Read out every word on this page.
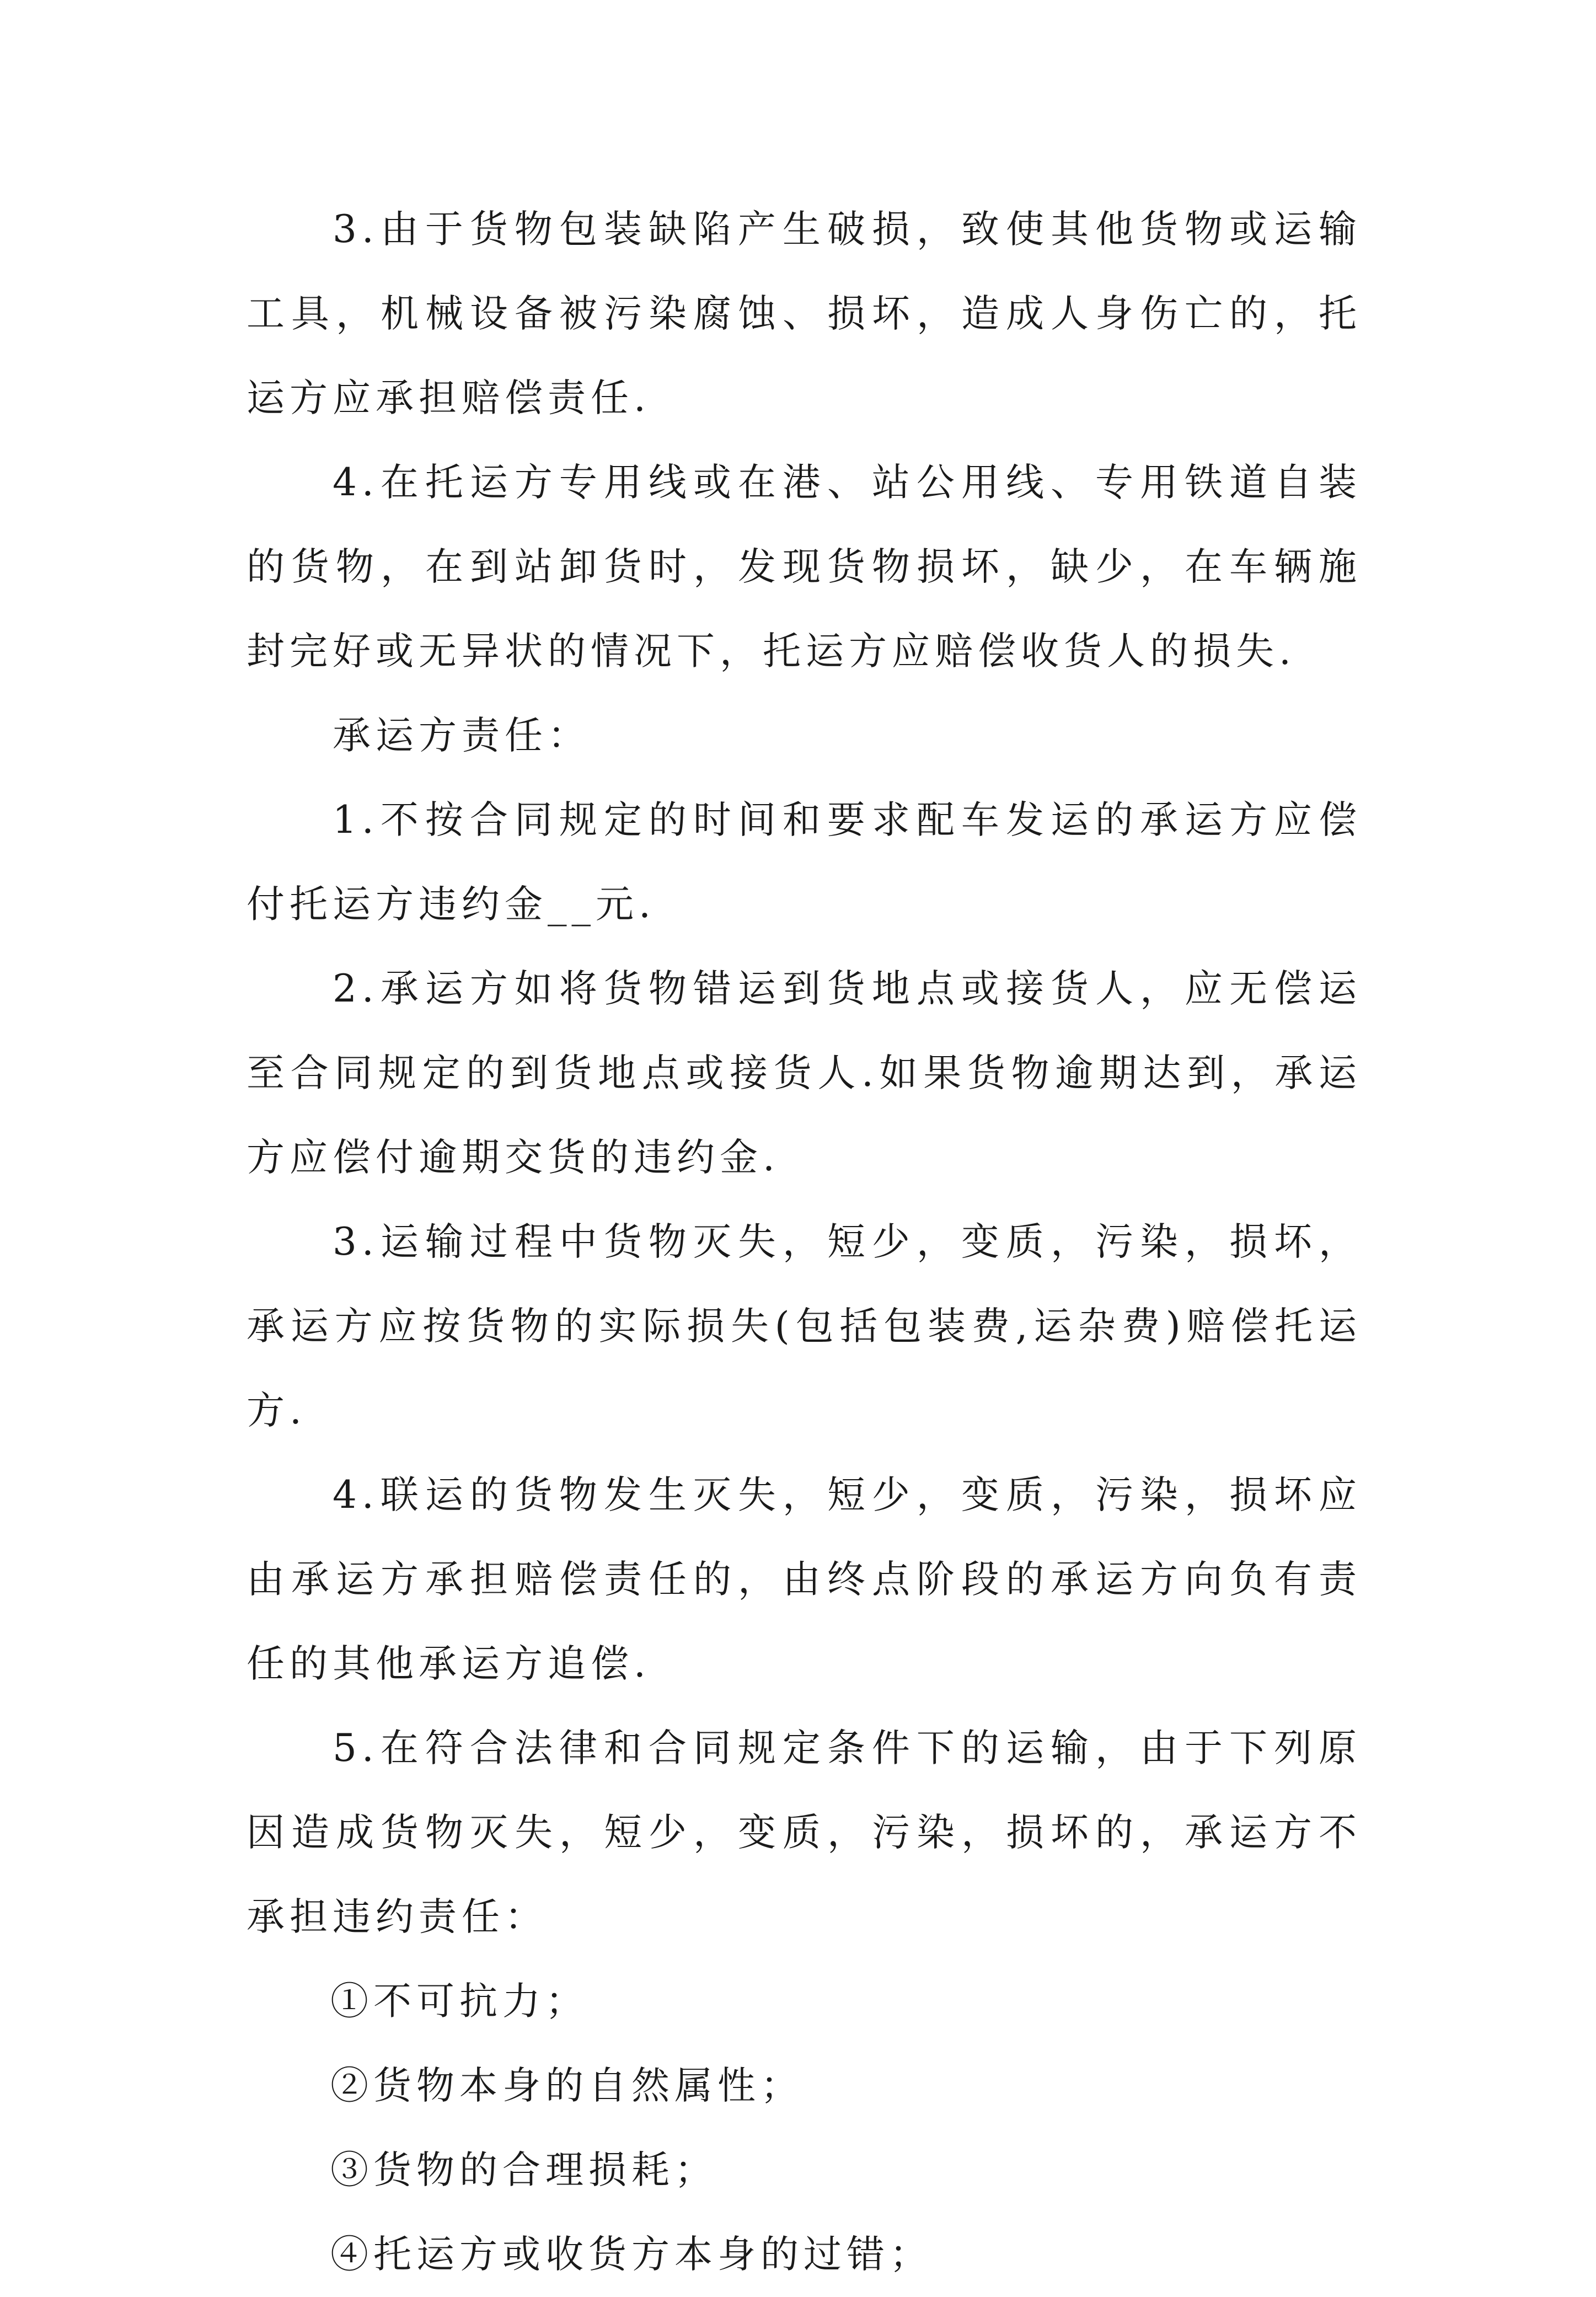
3.由于货物包装缺陷产生破损，致使其他货物或运输工具，机械设备被污染腐蚀、损坏，造成人身伤亡的，托运方应承担赔偿责任.

4.在托运方专用线或在港、站公用线、专用铁道自装的货物，在到站卸货时，发现货物损坏，缺少，在车辆施封完好或无异状的情况下，托运方应赔偿收货人的损失.

承运方责任：

1.不按合同规定的时间和要求配车发运的承运方应偿付托运方违约金__元.

2.承运方如将货物错运到货地点或接货人，应无偿运至合同规定的到货地点或接货人.如果货物逾期达到，承运方应偿付逾期交货的违约金.

3.运输过程中货物灭失，短少，变质，污染，损坏，承运方应按货物的实际损失(包括包装费,运杂费)赔偿托运方.

4.联运的货物发生灭失，短少，变质，污染，损坏应由承运方承担赔偿责任的，由终点阶段的承运方向负有责任的其他承运方追偿.

5.在符合法律和合同规定条件下的运输，由于下列原因造成货物灭失，短少，变质，污染，损坏的，承运方不承担违约责任：

①不可抗力；

②货物本身的自然属性；

③货物的合理损耗；

④托运方或收货方本身的过错；
